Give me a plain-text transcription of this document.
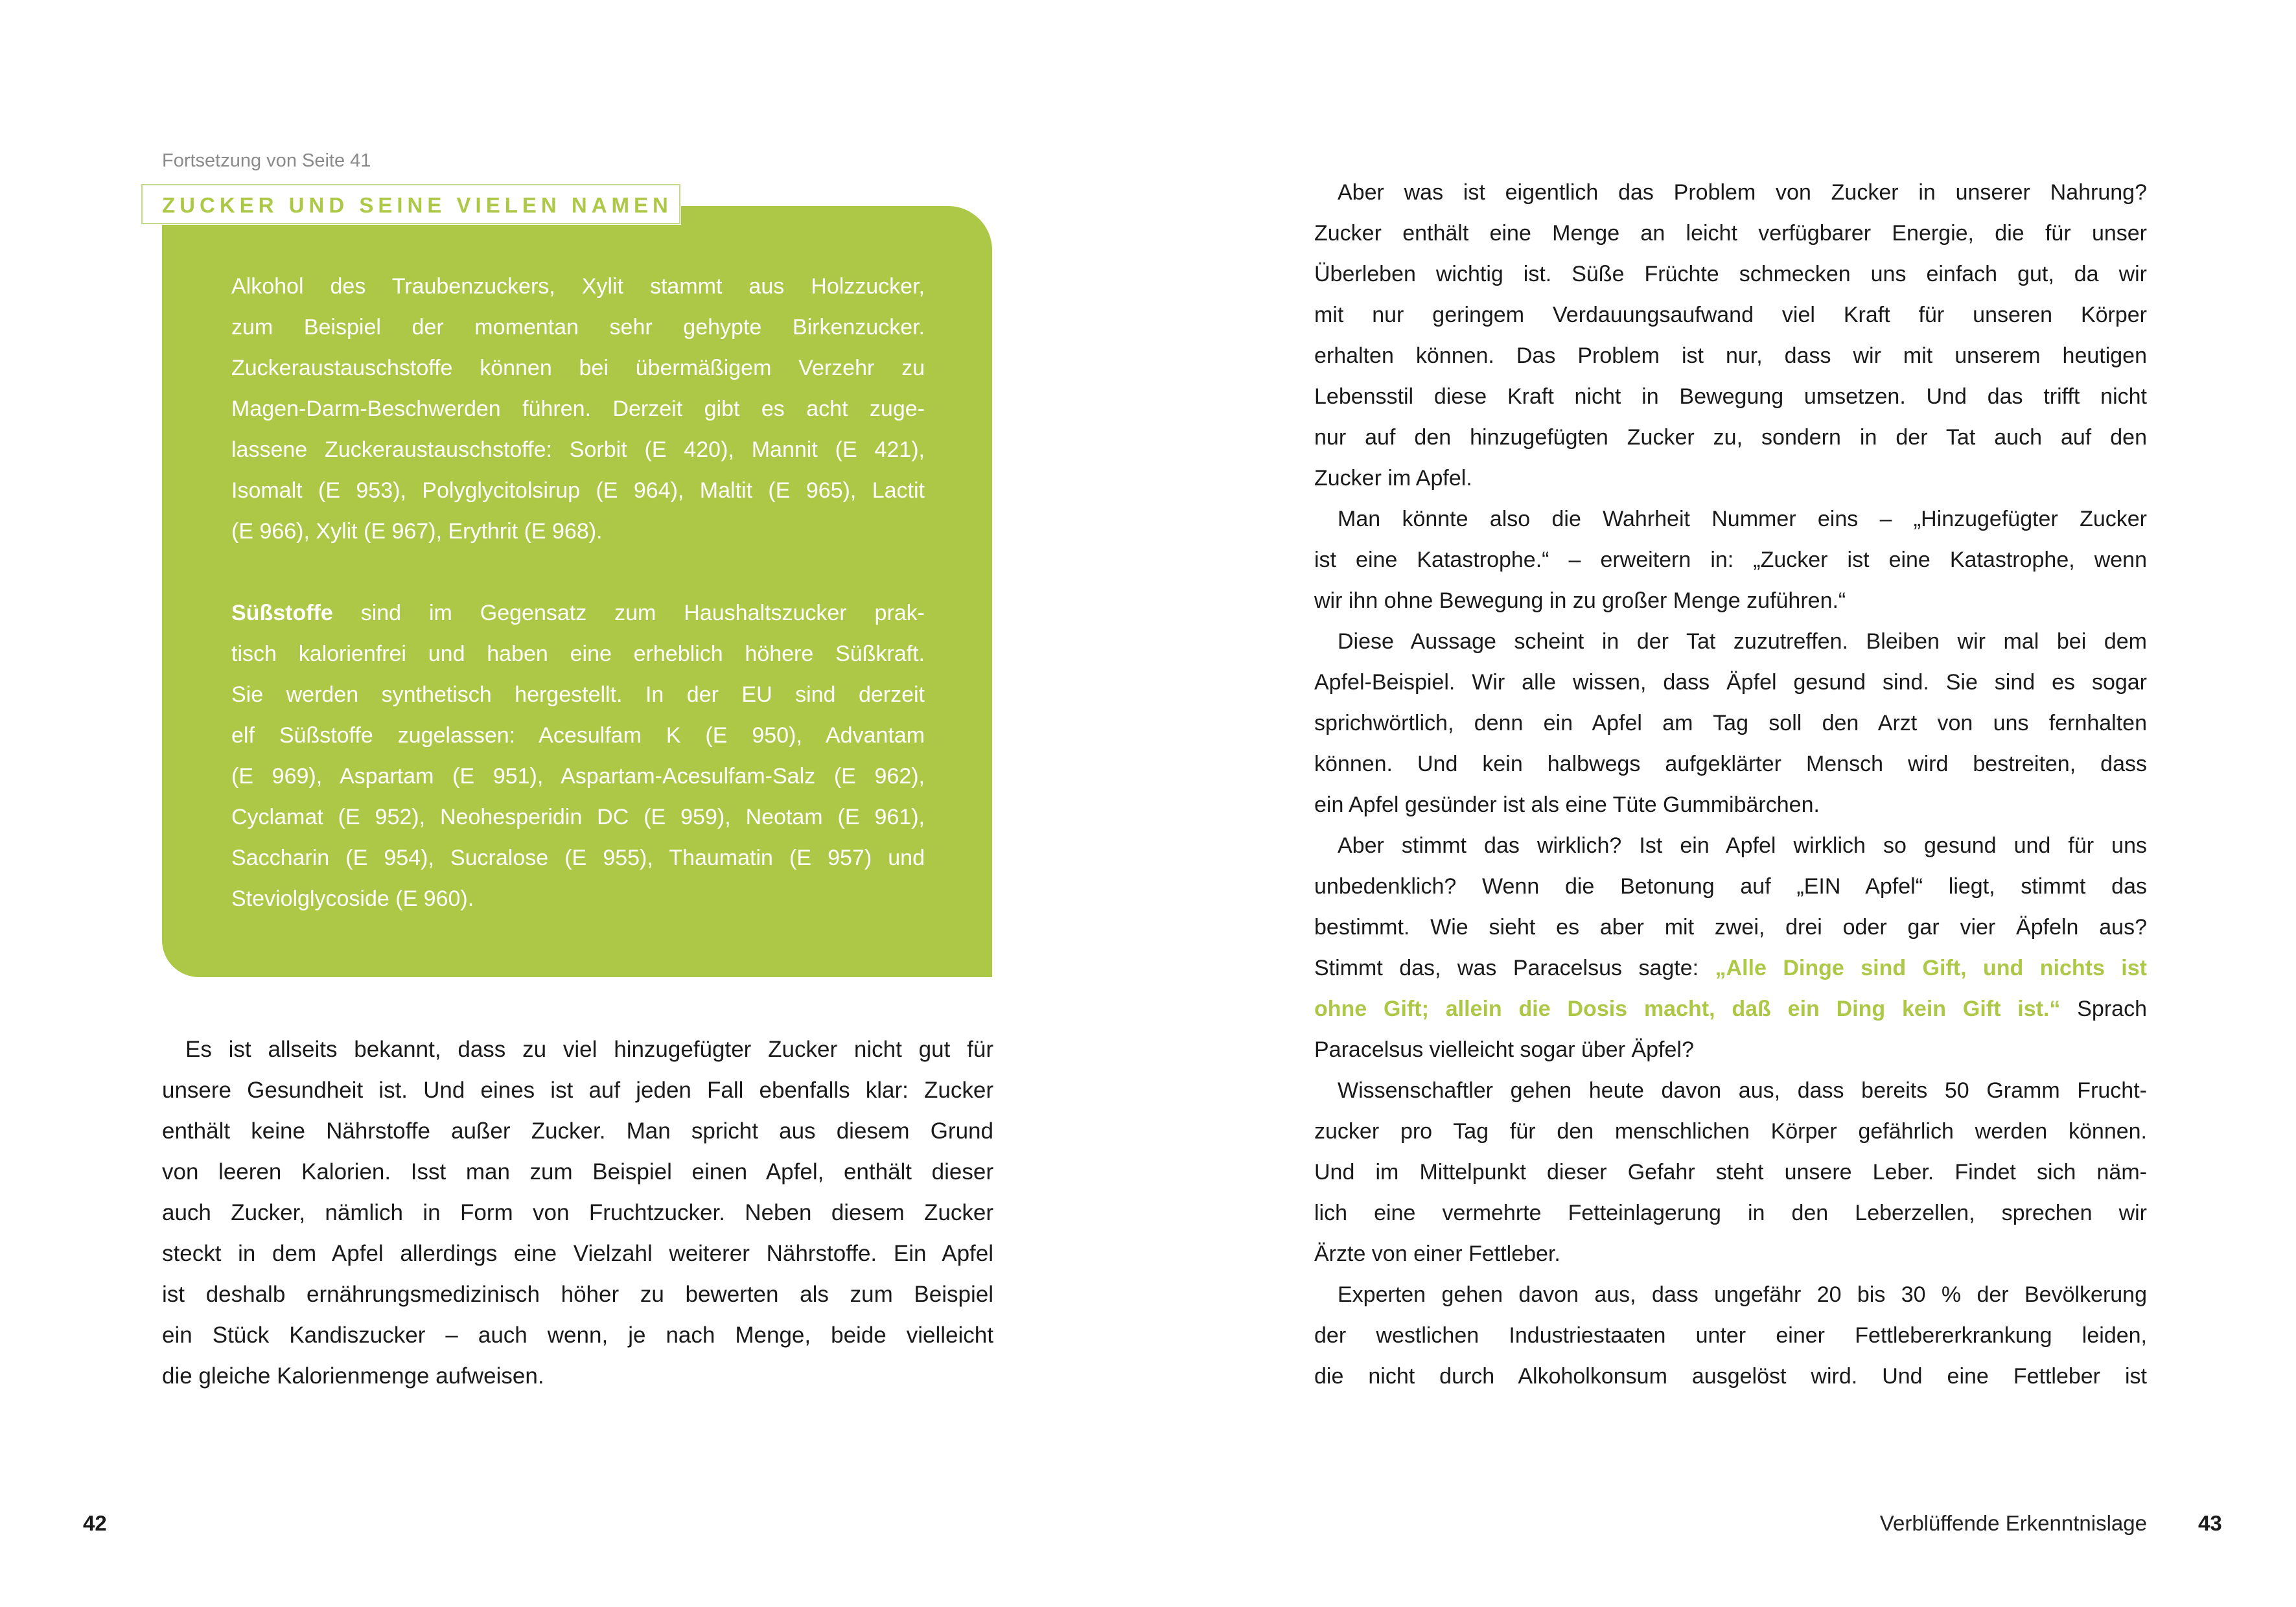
Fortsetzung von Seite 41
ZUCKER UND SEINE VIELEN NAMEN
Alkohol des Traubenzuckers, Xylit stammt aus Holzzucker,
zum Beispiel der momentan sehr gehypte Birkenzucker.
Zuckeraustauschstoffe können bei übermäßigem Verzehr zu
Magen-Darm-Beschwerden führen. Derzeit gibt es acht zuge-
lassene Zuckeraustauschstoffe: Sorbit (E 420), Mannit (E 421),
Isomalt (E 953), Polyglycitolsirup (E 964), Maltit (E 965), Lactit
(E 966), Xylit (E 967), Erythrit (E 968).
Süßstoffe sind im Gegensatz zum Haushaltszucker prak-
tisch kalorienfrei und haben eine erheblich höhere Süßkraft.
Sie werden synthetisch hergestellt. In der EU sind derzeit
elf Süßstoffe zugelassen: Acesulfam K (E 950), Advantam
(E 969), Aspartam (E 951), Aspartam-Acesulfam-Salz (E 962),
Cyclamat (E 952), Neohesperidin DC (E 959), Neotam (E 961),
Saccharin (E 954), Sucralose (E 955), Thaumatin (E 957) und
Steviolglycoside (E 960).
Es ist allseits bekannt, dass zu viel hinzugefügter Zucker nicht gut für
unsere Gesundheit ist. Und eines ist auf jeden Fall ebenfalls klar: Zucker
enthält keine Nährstoffe außer Zucker. Man spricht aus diesem Grund
von leeren Kalorien. Isst man zum Beispiel einen Apfel, enthält dieser
auch Zucker, nämlich in Form von Fruchtzucker. Neben diesem Zucker
steckt in dem Apfel allerdings eine Vielzahl weiterer Nährstoffe. Ein Apfel
ist deshalb ernährungsmedizinisch höher zu bewerten als zum Beispiel
ein Stück Kandiszucker – auch wenn, je nach Menge, beide vielleicht
die gleiche Kalorienmenge aufweisen.
Aber was ist eigentlich das Problem von Zucker in unserer Nahrung?
Zucker enthält eine Menge an leicht verfügbarer Energie, die für unser
Überleben wichtig ist. Süße Früchte schmecken uns einfach gut, da wir
mit nur geringem Verdauungsaufwand viel Kraft für unseren Körper
erhalten können. Das Problem ist nur, dass wir mit unserem heutigen
Lebensstil diese Kraft nicht in Bewegung umsetzen. Und das trifft nicht
nur auf den hinzugefügten Zucker zu, sondern in der Tat auch auf den
Zucker im Apfel.
Man könnte also die Wahrheit Nummer eins – „Hinzugefügter Zucker
ist eine Katastrophe.“ – erweitern in: „Zucker ist eine Katastrophe, wenn
wir ihn ohne Bewegung in zu großer Menge zuführen.“
Diese Aussage scheint in der Tat zuzutreffen. Bleiben wir mal bei dem
Apfel-Beispiel. Wir alle wissen, dass Äpfel gesund sind. Sie sind es sogar
sprichwörtlich, denn ein Apfel am Tag soll den Arzt von uns fernhalten
können. Und kein halbwegs aufgeklärter Mensch wird bestreiten, dass
ein Apfel gesünder ist als eine Tüte Gummibärchen.
Aber stimmt das wirklich? Ist ein Apfel wirklich so gesund und für uns
unbedenklich? Wenn die Betonung auf „EIN Apfel“ liegt, stimmt das
bestimmt. Wie sieht es aber mit zwei, drei oder gar vier Äpfeln aus?
Stimmt das, was Paracelsus sagte: „Alle Dinge sind Gift, und nichts ist
ohne Gift; allein die Dosis macht, daß ein Ding kein Gift ist.“ Sprach
Paracelsus vielleicht sogar über Äpfel?
Wissenschaftler gehen heute davon aus, dass bereits 50 Gramm Frucht-
zucker pro Tag für den menschlichen Körper gefährlich werden können.
Und im Mittelpunkt dieser Gefahr steht unsere Leber. Findet sich näm-
lich eine vermehrte Fetteinlagerung in den Leberzellen, sprechen wir
Ärzte von einer Fettleber.
Experten gehen davon aus, dass ungefähr 20 bis 30 % der Bevölkerung
der westlichen Industriestaaten unter einer Fettlebererkrankung leiden,
die nicht durch Alkoholkonsum ausgelöst wird. Und eine Fettleber ist
42	Verblüffende Erkenntnislage 43
